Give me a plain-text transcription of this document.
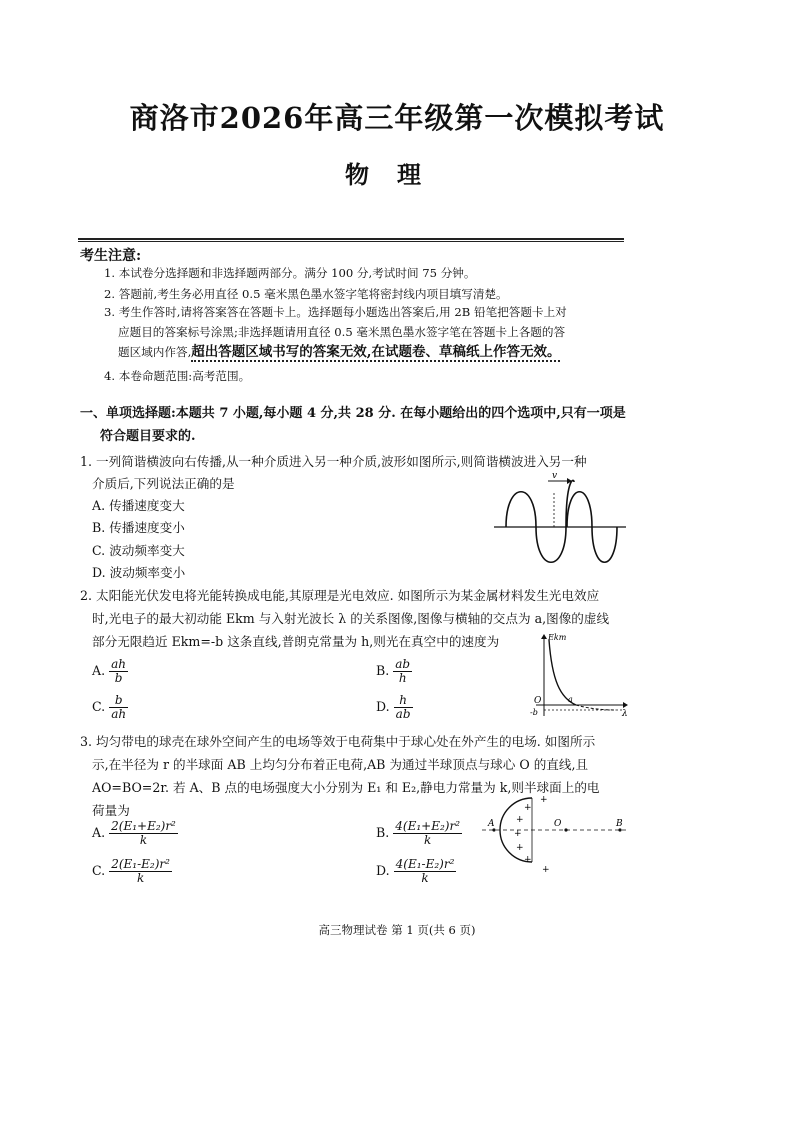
商洛市2026年高三年级第一次模拟考试
物理
考生注意:
1. 本试卷分选择题和非选择题两部分。满分 100 分,考试时间 75 分钟。
2. 答题前,考生务必用直径 0.5 毫米黑色墨水签字笔将密封线内项目填写清楚。
3. 考生作答时,请将答案答在答题卡上。选择题每小题选出答案后,用 2B 铅笔把答题卡上对
应题目的答案标号涂黑;非选择题请用直径 0.5 毫米黑色墨水签字笔在答题卡上各题的答
题区域内作答,超出答题区域书写的答案无效,在试题卷、草稿纸上作答无效。
4. 本卷命题范围:高考范围。
一、单项选择题:本题共 7 小题,每小题 4 分,共 28 分. 在每小题给出的四个选项中,只有一项是
符合题目要求的.
1. 一列简谐横波向右传播,从一种介质进入另一种介质,波形如图所示,则简谐横波进入另一种
介质后,下列说法正确的是
A. 传播速度变大
B. 传播速度变小
C. 波动频率变大
D. 波动频率变小
v
2. 太阳能光伏发电将光能转换成电能,其原理是光电效应. 如图所示为某金属材料发生光电效应
时,光电子的最大初动能 Ekm 与入射光波长 λ 的关系图像,图像与横轴的交点为 a,图像的虚线
部分无限趋近 Ekm=-b 这条直线,普朗克常量为 h,则光在真空中的速度为
A. $\frac{ah}{b}$	B. $\frac{ab}{h}$
C. $\frac{b}{ah}$	D. $\frac{h}{ab}$
Ekm
λ
O
-b
a
3. 均匀带电的球壳在球外空间产生的电场等效于电荷集中于球心处在外产生的电场. 如图所示
示,在半径为 r 的半球面 AB 上均匀分布着正电荷,AB 为通过半球顶点与球心 O 的直线,且
AO=BO=2r. 若 A、B 点的电场强度大小分别为 E₁ 和 E₂,静电力常量为 k,则半球面上的电
荷量为
A. $\frac{\text{2(E₁+E₂)r²}}{k}$	B. $\frac{\text{4(E₁+E₂)r²}}{k}$
C. $\frac{\text{2(E₁-E₂)r²}}{k}$	D. $\frac{\text{4(E₁-E₂)r²}}{k}$
A	O	B
+
+
+
+
+
+
+
高三物理试卷 第 1 页(共 6 页)
